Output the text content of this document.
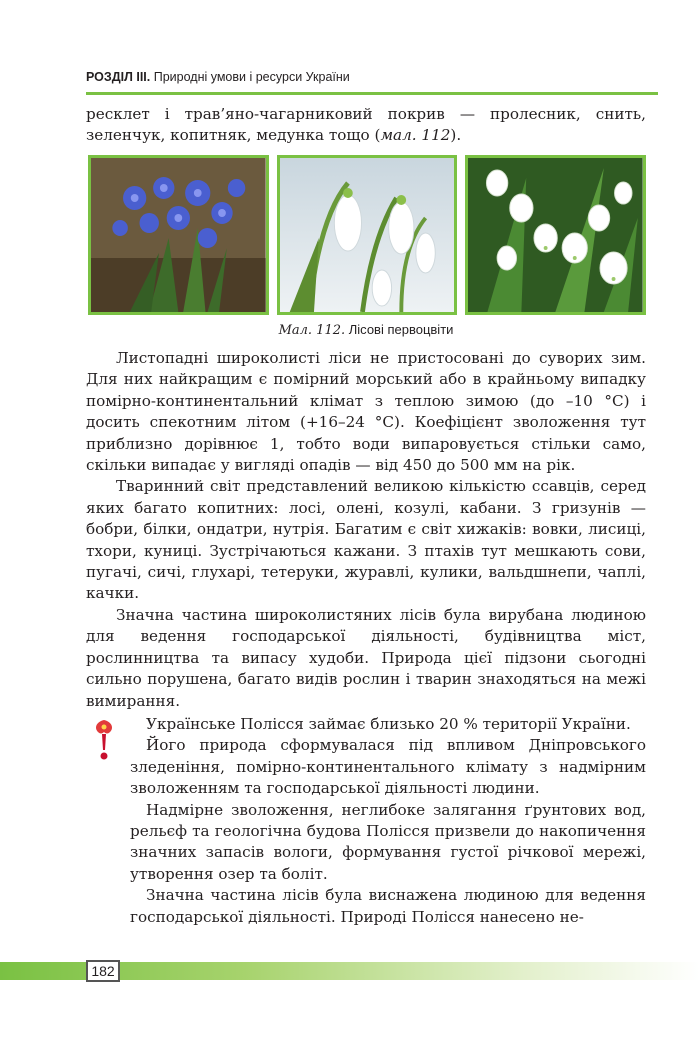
РОЗДІЛ III. Природні умови і ресурси України
ресклет і трав’яно-чагарниковий покрив — пролесник, снить, зеленчук, копитняк, медунка тощо (мал. 112).
Мал. 112. Лісові первоцвіти
Листопадні широколисті ліси не пристосовані до суворих зим. Для них найкращим є помірний морський або в крайньому випадку помірно-континентальний клімат з теплою зимою (до –10 °С) і досить спекотним літом (+16–24 °С). Коефіцієнт зволоження тут приблизно дорівнює 1, тобто води випаровується стільки само, скільки випадає у вигляді опадів — від 450 до 500 мм на рік.
Тваринний світ представлений великою кількістю ссавців, серед яких багато копитних: лосі, олені, козулі, кабани. З гризунів — бобри, білки, ондатри, нутрія. Багатим є світ хижаків: вовки, лисиці, тхори, куниці. Зустрічаються кажани. З птахів тут мешкають сови, пугачі, сичі, глухарі, тетеруки, журавлі, кулики, вальдшнепи, чаплі, качки.
Значна частина широколистяних лісів була вирубана людиною для ведення господарської діяльності, будівництва міст, рослинництва та випасу худоби. Природа цієї підзони сьогодні сильно порушена, багато видів рослин і тварин знаходяться на межі вимирання.
Українське Полісся займає близько 20 % території України.
Його природа сформувалася під впливом Дніпровського зледеніння, помірно-континентального клімату з надмірним зволоженням та господарської діяльності людини.
Надмірне зволоження, неглибоке залягання ґрунтових вод, рельєф та геологічна будова Полісся призвели до накопичення значних запасів вологи, формування густої річкової мережі, утворення озер та боліт.
Значна частина лісів була виснажена людиною для ведення господарської діяльності. Природі Полісся нанесено не-
182
